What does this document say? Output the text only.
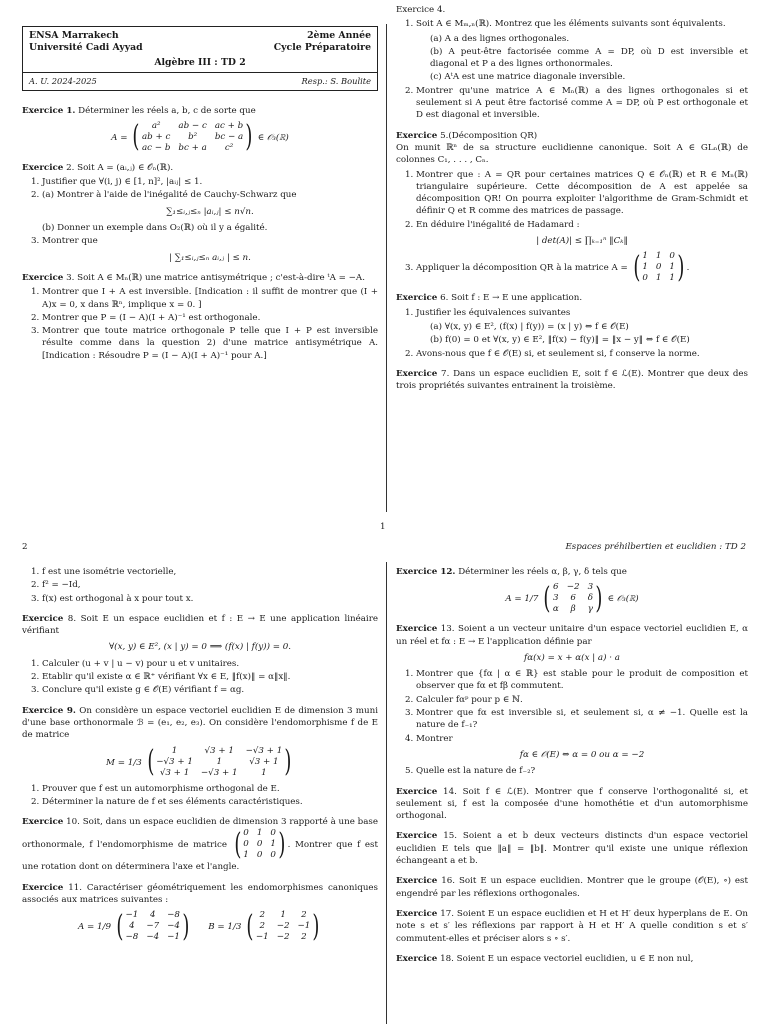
ENSA Marrakech	2ème Année
Université Cadi Ayyad	Cycle Préparatoire
Algèbre III : TD 2
A. U. 2024-2025	Resp.: S. Boulite

Exercice 1. Déterminer les réels a, b, c de sorte que

A = (	a²	ab − c ac + b
ab + c	b²	bc − a
ac − b bc + a	c² ) ∈ 𝒪₃(ℝ)

Exercice 2. Soit A = (aᵢ,ⱼ) ∈ 𝒪ₙ(ℝ).

1. Justifier que ∀(i, j) ∈ [1, n]², |aᵢⱼ| ≤ 1.
2. (a) Montrer à l'aide de l'inégalité de Cauchy-Schwarz que
∑₁≤ᵢ,ⱼ≤ₙ |aᵢ,ⱼ| ≤ n√n.
(b) Donner un exemple dans O₂(ℝ) où il y a égalité.
3. Montrer que
| ∑₁≤ᵢ,ⱼ≤ₙ aᵢ,ⱼ | ≤ n.

Exercice 3. Soit A ∈ Mₙ(ℝ) une matrice antisymétrique ; c'est-à-dire ᵗA = −A.

1. Montrer que I + A est inversible. [Indication : il suffit de montrer que (I + A)x = 0, x dans ℝⁿ, implique x = 0. ]
2. Montrer que P = (I − A)(I + A)⁻¹ est orthogonale.
3. Montrer que toute matrice orthogonale P telle que I + P est inversible résulte comme dans la question 2) d'une matrice antisymétrique A. [Indication : Résoudre P = (I − A)(I + A)⁻¹ pour A.]

Exercice 4.

1. Soit A ∈ Mₘ,ₙ(ℝ). Montrez que les éléments suivants sont équivalents.
(a) A a des lignes orthogonales.
(b) A peut-être factorisée comme A = DP, où D est inversible et diagonal et P a des lignes orthonormales.
(c) AᵗA est une matrice diagonale inversible.
2. Montrer qu'une matrice A ∈ Mₙ(ℝ) a des lignes orthogonales si et seulement si A peut être factorisé comme A = DP, où P est orthogonale et D est diagonal et inversible.

Exercice 5.(Décomposition QR)

On munit ℝⁿ de sa structure euclidienne canonique. Soit A ∈ GLₙ(ℝ) de colonnes C₁, . . . , Cₙ.

1. Montrer que : A = QR pour certaines matrices Q ∈ 𝒪ₙ(ℝ) et R ∈ Mₙ(ℝ) triangulaire supérieure. Cette décomposition de A est appelée sa décomposition QR! On pourra exploiter l'algorithme de Gram-Schmidt et définir Q et R comme des matrices de passage.
2. En déduire l'inégalité de Hadamard :
| det(A)| ≤ ∏ₖ₌₁ⁿ ‖Cₖ‖
3. Appliquer la décomposition QR à la matrice A = ( 1 1 0
1 0 1
0 1 1 ) .

Exercice 6. Soit f : E → E une application.

1. Justifier les équivalences suivantes
(a) ∀(x, y) ∈ E², (f(x) | f(y)) = (x | y) ⇔ f ∈ 𝒪(E)
(b) f(0) = 0 et ∀(x, y) ∈ E², ‖f(x) − f(y)‖ = ‖x − y‖ ⇔ f ∈ 𝒪(E)
2. Avons-nous que f ∈ 𝒪(E) si, et seulement si, f conserve la norme.

Exercice 7. Dans un espace euclidien E, soit f ∈ ℒ(E). Montrer que deux des trois propriétés suivantes entrainent la troisième.

1
2	Espaces préhilbertien et euclidien : TD 2
1. f est une isométrie vectorielle,
2. f² = −Id,
3. f(x) est orthogonal à x pour tout x.

Exercice 8. Soit E un espace euclidien et f : E → E une application linéaire vérifiant

∀(x, y) ∈ E², (x | y) = 0 ⟹ (f(x) | f(y)) = 0.
1. Calculer (u + v | u − v) pour u et v unitaires.
2. Etablir qu'il existe α ∈ ℝ⁺ vérifiant ∀x ∈ E, ‖f(x)‖ = α‖x‖.
3. Conclure qu'il existe g ∈ 𝒪(E) vérifiant f = αg.

Exercice 9. On considère un espace vectoriel euclidien E de dimension 3 muni d'une base orthonormale ℬ = (e₁, e₂, e₃). On considère l'endomorphisme f de E de matrice

M = 1/3 (	1	√3 + 1	−√3 + 1
−√3 + 1	1	√3 + 1
√3 + 1	−√3 + 1	1 )
1. Prouver que f est un automorphisme orthogonal de E.
2. Déterminer la nature de f et ses éléments caractéristiques.

Exercice 10. Soit, dans un espace euclidien de dimension 3 rapporté à une base orthonormale, f l'endomorphisme de matrice ( 0 1 0
0 0 1
1 0 0 ) . Montrer que f est une rotation dont on déterminera l'axe et l'angle.

Exercice 11. Caractériser géométriquement les endomorphismes canoniques associés aux matrices suivantes :

A = 1/9 ( −1	4	−8
4	−7 −4
−8 −4 −1 ) B = 1/3 ( 2	1	2
2	−2 −1
−1 −2	2 )

Exercice 12. Déterminer les réels α, β, γ, δ tels que

A = 1/7 ( 6 −2 3
3	6	δ
α	β	γ ) ∈ 𝒪₃(ℝ)

Exercice 13. Soient a un vecteur unitaire d'un espace vectoriel euclidien E, α un réel et fα : E → E l'application définie par

fα(x) = x + α(x | a) · a
1. Montrer que {fα | α ∈ ℝ} est stable pour le produit de composition et observer que fα et fβ commutent.
2. Calculer fαᵖ pour p ∈ ℕ.
3. Montrer que fα est inversible si, et seulement si, α ≠ −1. Quelle est la nature de f₋₁?
4. Montrer
fα ∈ 𝒪(E) ⇔ α = 0 ou α = −2
5. Quelle est la nature de f₋₂?

Exercice 14. Soit f ∈ ℒ(E). Montrer que f conserve l'orthogonalité si, et seulement si, f est la composée d'une homothétie et d'un automorphisme orthogonal.

Exercice 15. Soient a et b deux vecteurs distincts d'un espace vectoriel euclidien E tels que ‖a‖ = ‖b‖. Montrer qu'il existe une unique réflexion échangeant a et b.

Exercice 16. Soit E un espace euclidien. Montrer que le groupe (𝒪(E), ∘) est engendré par les réflexions orthogonales.

Exercice 17. Soient E un espace euclidien et H et H′ deux hyperplans de E. On note s et s′ les réflexions par rapport à H et H′ A quelle condition s et s′ commutent-elles et préciser alors s ∘ s′.

Exercice 18. Soient E un espace vectoriel euclidien, u ∈ E non nul,
